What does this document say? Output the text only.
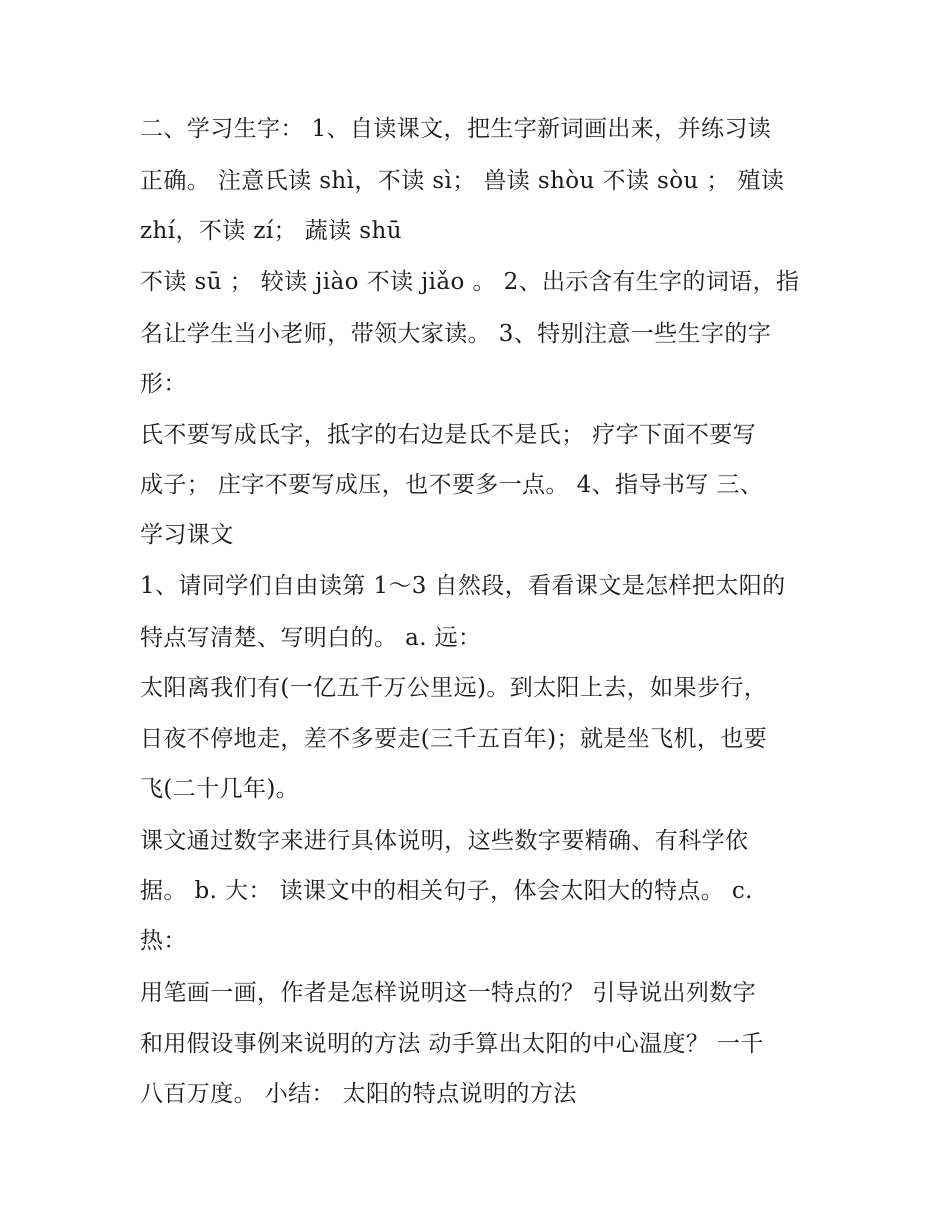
二、学习生字： 1、自读课文，把生字新词画出来，并练习读
正确。 注意氏读 shì，不读 sì； 兽读 shòu 不读 sòu ； 殖读
zhí，不读 zí； 蔬读 shū
不读 sū ； 较读 jiào 不读 jiǎo 。 2、出示含有生字的词语，指
名让学生当小老师，带领大家读。 3、特别注意一些生字的字
形：
氏不要写成氐字，抵字的右边是氐不是氏； 疗字下面不要写
成子； 庄字不要写成压，也不要多一点。 4、指导书写 三、
学习课文
1、请同学们自由读第 1～3 自然段，看看课文是怎样把太阳的
特点写清楚、写明白的。 a. 远：
太阳离我们有(一亿五千万公里远)。到太阳上去，如果步行，
日夜不停地走，差不多要走(三千五百年)；就是坐飞机，也要
飞(二十几年)。
课文通过数字来进行具体说明，这些数字要精确、有科学依
据。 b. 大： 读课文中的相关句子，体会太阳大的特点。 c.
热：
用笔画一画，作者是怎样说明这一特点的？ 引导说出列数字
和用假设事例来说明的方法 动手算出太阳的中心温度？ 一千
八百万度。 小结： 太阳的特点说明的方法
